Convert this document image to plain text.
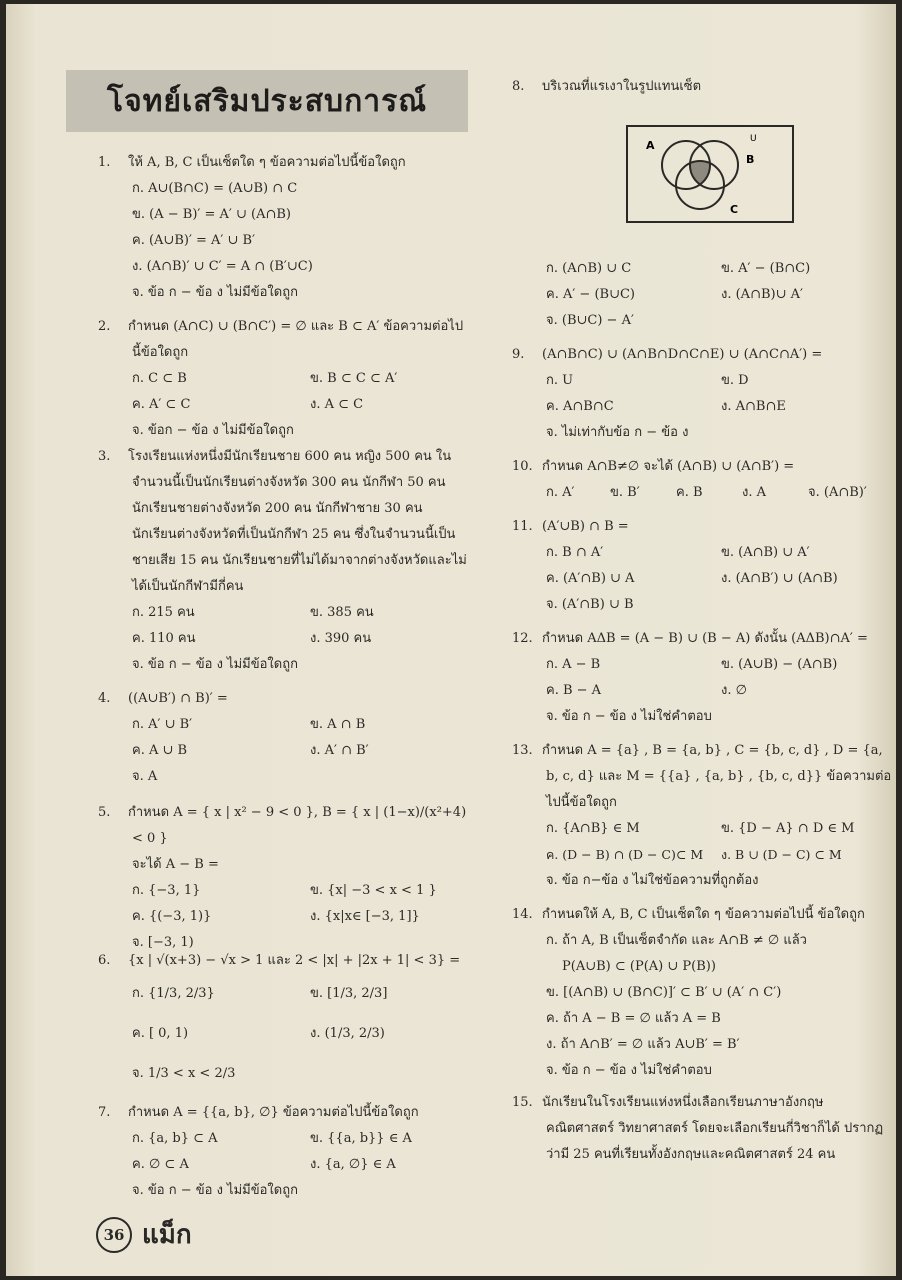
โจทย์เสริมประสบการณ์
1. ให้ A, B, C เป็นเซ็ตใด ๆ ข้อความต่อไปนี้ข้อใดถูก
ก. A∪(B∩C) = (A∪B) ∩ C
ข. (A − B)′ = A′ ∪ (A∩B)
ค. (A∪B)′ = A′ ∪ B′
ง. (A∩B)′ ∪ C′ = A ∩ (B′∪C)
จ. ข้อ ก − ข้อ ง ไม่มีข้อใดถูก
2. กำหนด (A∩C) ∪ (B∩C′) = ∅ และ B ⊂ A′ ข้อความต่อไปนี้ข้อใดถูก
ก. C ⊂ B	ข. B ⊂ C ⊂ A′
ค. A′ ⊂ C	ง. A ⊂ C
จ. ข้อก − ข้อ ง ไม่มีข้อใดถูก
3. โรงเรียนแห่งหนึ่งมีนักเรียนชาย 600 คน หญิง 500 คน ในจำนวนนี้เป็นนักเรียนต่างจังหวัด 300 คน นักกีฬา 50 คน นักเรียนชายต่างจังหวัด 200 คน นักกีฬาชาย 30 คน นักเรียนต่างจังหวัดที่เป็นนักกีฬา 25 คน ซึ่งในจำนวนนี้เป็นชายเสีย 15 คน นักเรียนชายที่ไม่ได้มาจากต่างจังหวัดและไม่ได้เป็นนักกีฬามีกี่คน
ก. 215 คน	ข. 385 คน
ค. 110 คน	ง. 390 คน
จ. ข้อ ก − ข้อ ง ไม่มีข้อใดถูก
4. ((A∪B′) ∩ B)′ =
ก. A′ ∪ B′	ข. A ∩ B
ค. A ∪ B	ง. A′ ∩ B′
จ. A
5. กำหนด A = { x | x² − 9 < 0 }, B = { x | (1−x)/(x²+4) < 0 }
จะได้ A − B =
ก. {−3, 1}	ข. {x| −3 < x < 1 }
ค. {(−3, 1)}	ง. {x|x∈ [−3, 1]}
จ. [−3, 1)
6. {x | √(x+3) − √x > 1 และ 2 < |x| + |2x + 1| < 3} =
ก. {1/3, 2/3}	ข. [1/3, 2/3]
ค. [ 0, 1)	ง. (1/3, 2/3)
จ. 1/3 < x < 2/3
7. กำหนด A = {{a, b}, ∅} ข้อความต่อไปนี้ข้อใดถูก
ก. {a, b} ⊂ A	ข. {{a, b}} ∈ A
ค. ∅ ⊂ A	ง. {a, ∅} ∈ A
จ. ข้อ ก − ข้อ ง ไม่มีข้อใดถูก
8. บริเวณที่แรเงาในรูปแทนเซ็ต
A
B
C
U
ก. (A∩B) ∪ C	ข. A′ − (B∩C)
ค. A′ − (B∪C)	ง. (A∩B)∪ A′
จ. (B∪C) − A′
9. (A∩B∩C) ∪ (A∩B∩D∩C∩E) ∪ (A∩C∩A′) =
ก. U	ข. D
ค. A∩B∩C	ง. A∩B∩E
จ. ไม่เท่ากับข้อ ก − ข้อ ง
10. กำหนด A∩B≠∅ จะได้ (A∩B) ∪ (A∩B′) =
ก. A′	ข. B′	ค. B	ง. A	จ. (A∩B)′
11. (A′∪B) ∩ B =
ก. B ∩ A′	ข. (A∩B) ∪ A′
ค. (A′∩B) ∪ A	ง. (A∩B′) ∪ (A∩B)
จ. (A′∩B) ∪ B
12. กำหนด AΔB = (A − B) ∪ (B − A) ดังนั้น (AΔB)∩A′ =
ก. A − B	ข. (A∪B) − (A∩B)
ค. B − A	ง. ∅
จ. ข้อ ก − ข้อ ง ไม่ใช่คำตอบ
13. กำหนด A = {a} , B = {a, b} , C = {b, c, d} , D = {a, b, c, d} และ M = {{a} , {a, b} , {b, c, d}} ข้อความต่อไปนี้ข้อใดถูก
ก. {A∩B} ∈ M	ข. {D − A} ∩ D ∈ M
ค. (D − B) ∩ (D − C)⊂ M	ง. B ∪ (D − C) ⊂ M
จ. ข้อ ก−ข้อ ง ไม่ใช่ข้อความที่ถูกต้อง
14. กำหนดให้ A, B, C เป็นเซ็ตใด ๆ ข้อความต่อไปนี้ ข้อใดถูก
ก. ถ้า A, B เป็นเซ็ตจำกัด และ A∩B ≠ ∅ แล้ว
P(A∪B) ⊂ (P(A) ∪ P(B))
ข. [(A∩B) ∪ (B∩C)]′ ⊂ B′ ∪ (A′ ∩ C′)
ค. ถ้า A − B = ∅ แล้ว A = B
ง. ถ้า A∩B′ = ∅ แล้ว A∪B′ = B′
จ. ข้อ ก − ข้อ ง ไม่ใช่คำตอบ
15. นักเรียนในโรงเรียนแห่งหนึ่งเลือกเรียนภาษาอังกฤษ คณิตศาสตร์ วิทยาศาสตร์ โดยจะเลือกเรียนกี่วิชาก็ได้ ปรากฏว่ามี 25 คนที่เรียนทั้งอังกฤษและคณิตศาสตร์ 24 คน
36 แม็ก
